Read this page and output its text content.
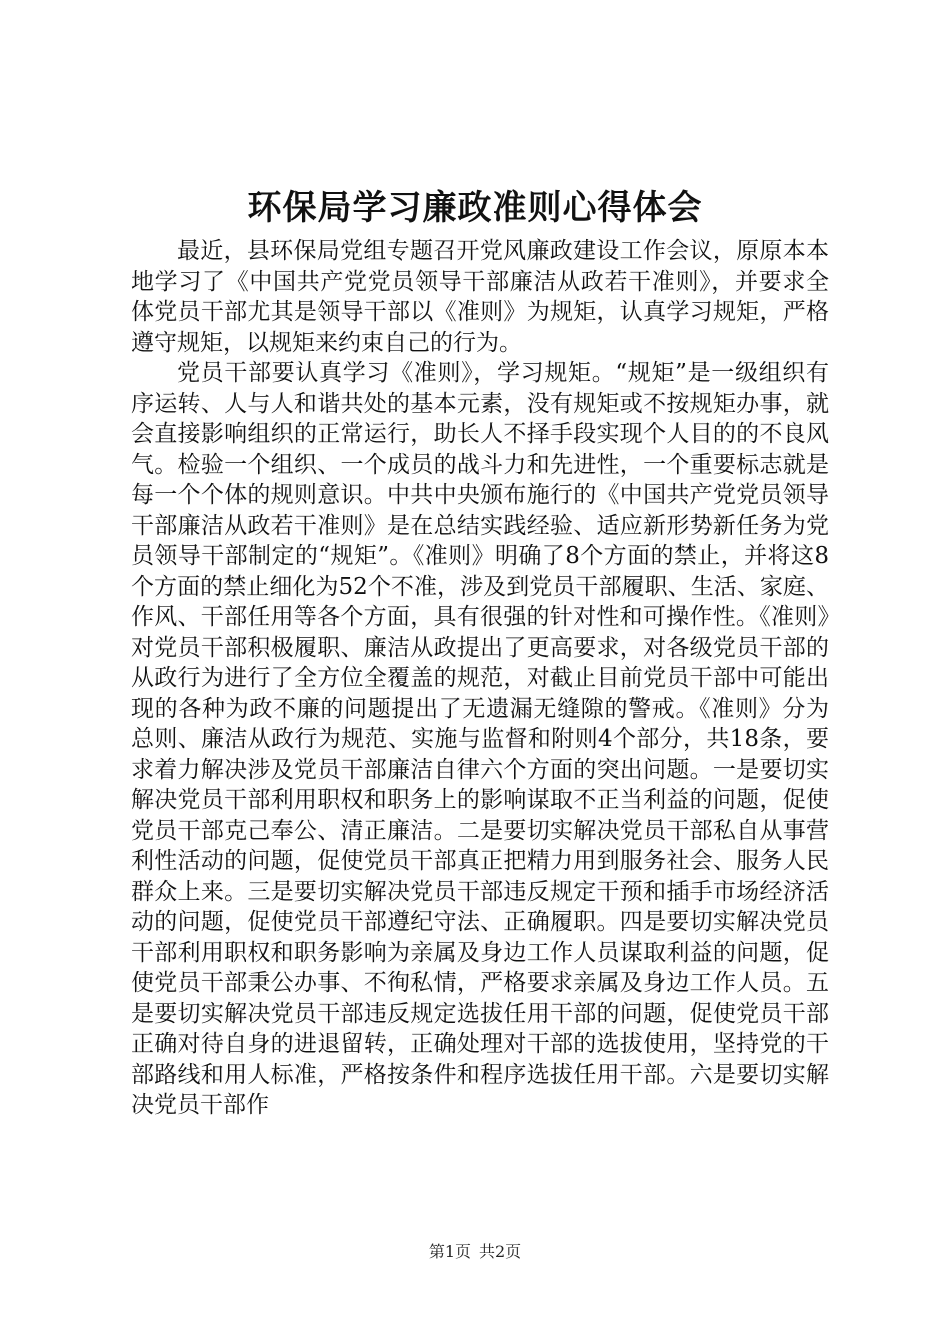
环保局学习廉政准则心得体会

最近，县环保局党组专题召开党风廉政建设工作会议，原原本本地学习了《中国共产党党员领导干部廉洁从政若干准则》，并要求全体党员干部尤其是领导干部以《准则》为规矩，认真学习规矩，严格遵守规矩，以规矩来约束自己的行为。

党员干部要认真学习《准则》，学习规矩。“规矩”是一级组织有序运转、人与人和谐共处的基本元素，没有规矩或不按规矩办事，就会直接影响组织的正常运行，助长人不择手段实现个人目的的不良风气。检验一个组织、一个成员的战斗力和先进性，一个重要标志就是每一个个体的规则意识。中共中央颁布施行的《中国共产党党员领导干部廉洁从政若干准则》是在总结实践经验、适应新形势新任务为党员领导干部制定的“规矩”。《准则》明确了8个方面的禁止，并将这8个方面的禁止细化为52个不准，涉及到党员干部履职、生活、家庭、作风、干部任用等各个方面，具有很强的针对性和可操作性。《准则》对党员干部积极履职、廉洁从政提出了更高要求，对各级党员干部的从政行为进行了全方位全覆盖的规范，对截止目前党员干部中可能出现的各种为政不廉的问题提出了无遗漏无缝隙的警戒。《准则》分为总则、廉洁从政行为规范、实施与监督和附则4个部分，共18条，要求着力解决涉及党员干部廉洁自律六个方面的突出问题。一是要切实解决党员干部利用职权和职务上的影响谋取不正当利益的问题，促使党员干部克己奉公、清正廉洁。二是要切实解决党员干部私自从事营利性活动的问题，促使党员干部真正把精力用到服务社会、服务人民群众上来。三是要切实解决党员干部违反规定干预和插手市场经济活动的问题，促使党员干部遵纪守法、正确履职。四是要切实解决党员干部利用职权和职务影响为亲属及身边工作人员谋取利益的问题，促使党员干部秉公办事、不徇私情，严格要求亲属及身边工作人员。五是要切实解决党员干部违反规定选拔任用干部的问题，促使党员干部正确对待自身的进退留转，正确处理对干部的选拔使用，坚持党的干部路线和用人标准，严格按条件和程序选拔任用干部。六是要切实解决党员干部作

第1页 共2页
